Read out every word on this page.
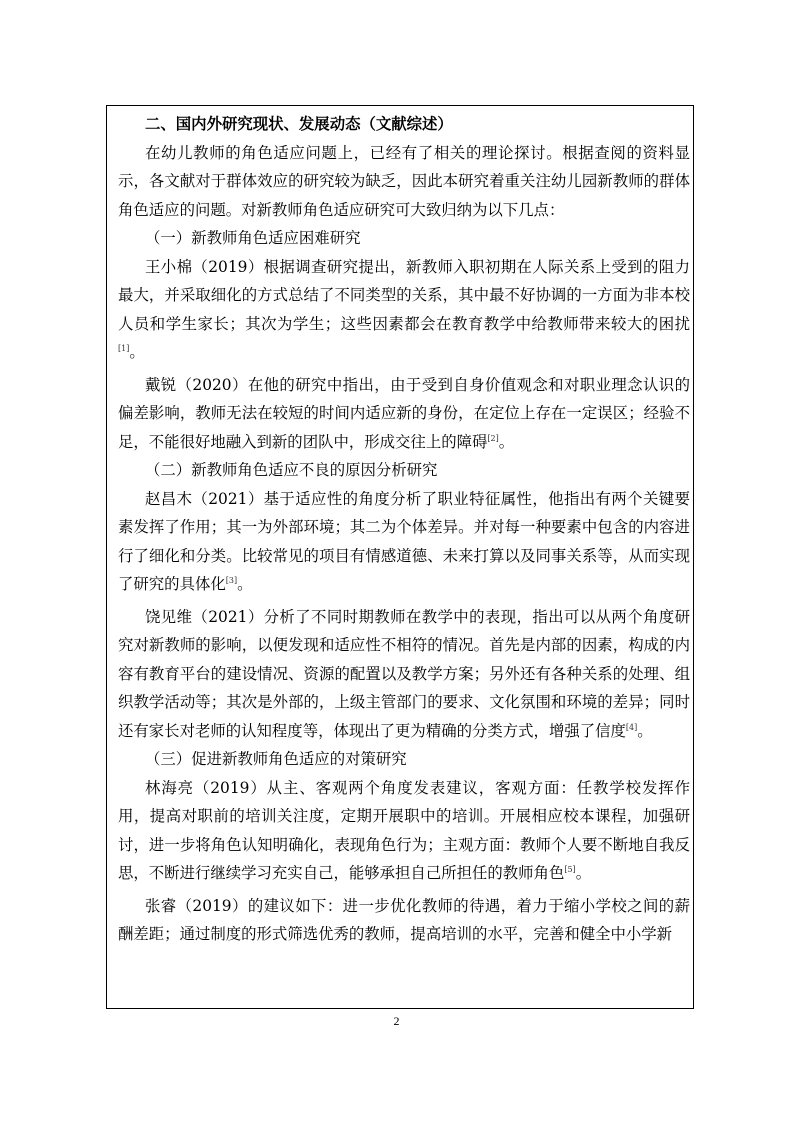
二、国内外研究现状、发展动态（文献综述）

在幼儿教师的角色适应问题上，已经有了相关的理论探讨。根据查阅的资料显示，各文献对于群体效应的研究较为缺乏，因此本研究着重关注幼儿园新教师的群体角色适应的问题。对新教师角色适应研究可大致归纳为以下几点：

（一）新教师角色适应困难研究

王小棉（2019）根据调查研究提出，新教师入职初期在人际关系上受到的阻力最大，并采取细化的方式总结了不同类型的关系，其中最不好协调的一方面为非本校人员和学生家长；其次为学生；这些因素都会在教育教学中给教师带来较大的困扰[1]。

戴锐（2020）在他的研究中指出，由于受到自身价值观念和对职业理念认识的偏差影响，教师无法在较短的时间内适应新的身份，在定位上存在一定误区；经验不足，不能很好地融入到新的团队中，形成交往上的障碍[2]。

（二）新教师角色适应不良的原因分析研究

赵昌木（2021）基于适应性的角度分析了职业特征属性，他指出有两个关键要素发挥了作用；其一为外部环境；其二为个体差异。并对每一种要素中包含的内容进行了细化和分类。比较常见的项目有情感道德、未来打算以及同事关系等，从而实现了研究的具体化[3]。

饶见维（2021）分析了不同时期教师在教学中的表现，指出可以从两个角度研究对新教师的影响，以便发现和适应性不相符的情况。首先是内部的因素，构成的内容有教育平台的建设情况、资源的配置以及教学方案；另外还有各种关系的处理、组织教学活动等；其次是外部的，上级主管部门的要求、文化氛围和环境的差异；同时还有家长对老师的认知程度等，体现出了更为精确的分类方式，增强了信度[4]。

（三）促进新教师角色适应的对策研究

林海亮（2019）从主、客观两个角度发表建议，客观方面：任教学校发挥作用，提高对职前的培训关注度，定期开展职中的培训。开展相应校本课程，加强研讨，进一步将角色认知明确化，表现角色行为；主观方面：教师个人要不断地自我反思，不断进行继续学习充实自己，能够承担自己所担任的教师角色[5]。

张睿（2019）的建议如下：进一步优化教师的待遇，着力于缩小学校之间的薪酬差距；通过制度的形式筛选优秀的教师，提高培训的水平，完善和健全中小学新

2
